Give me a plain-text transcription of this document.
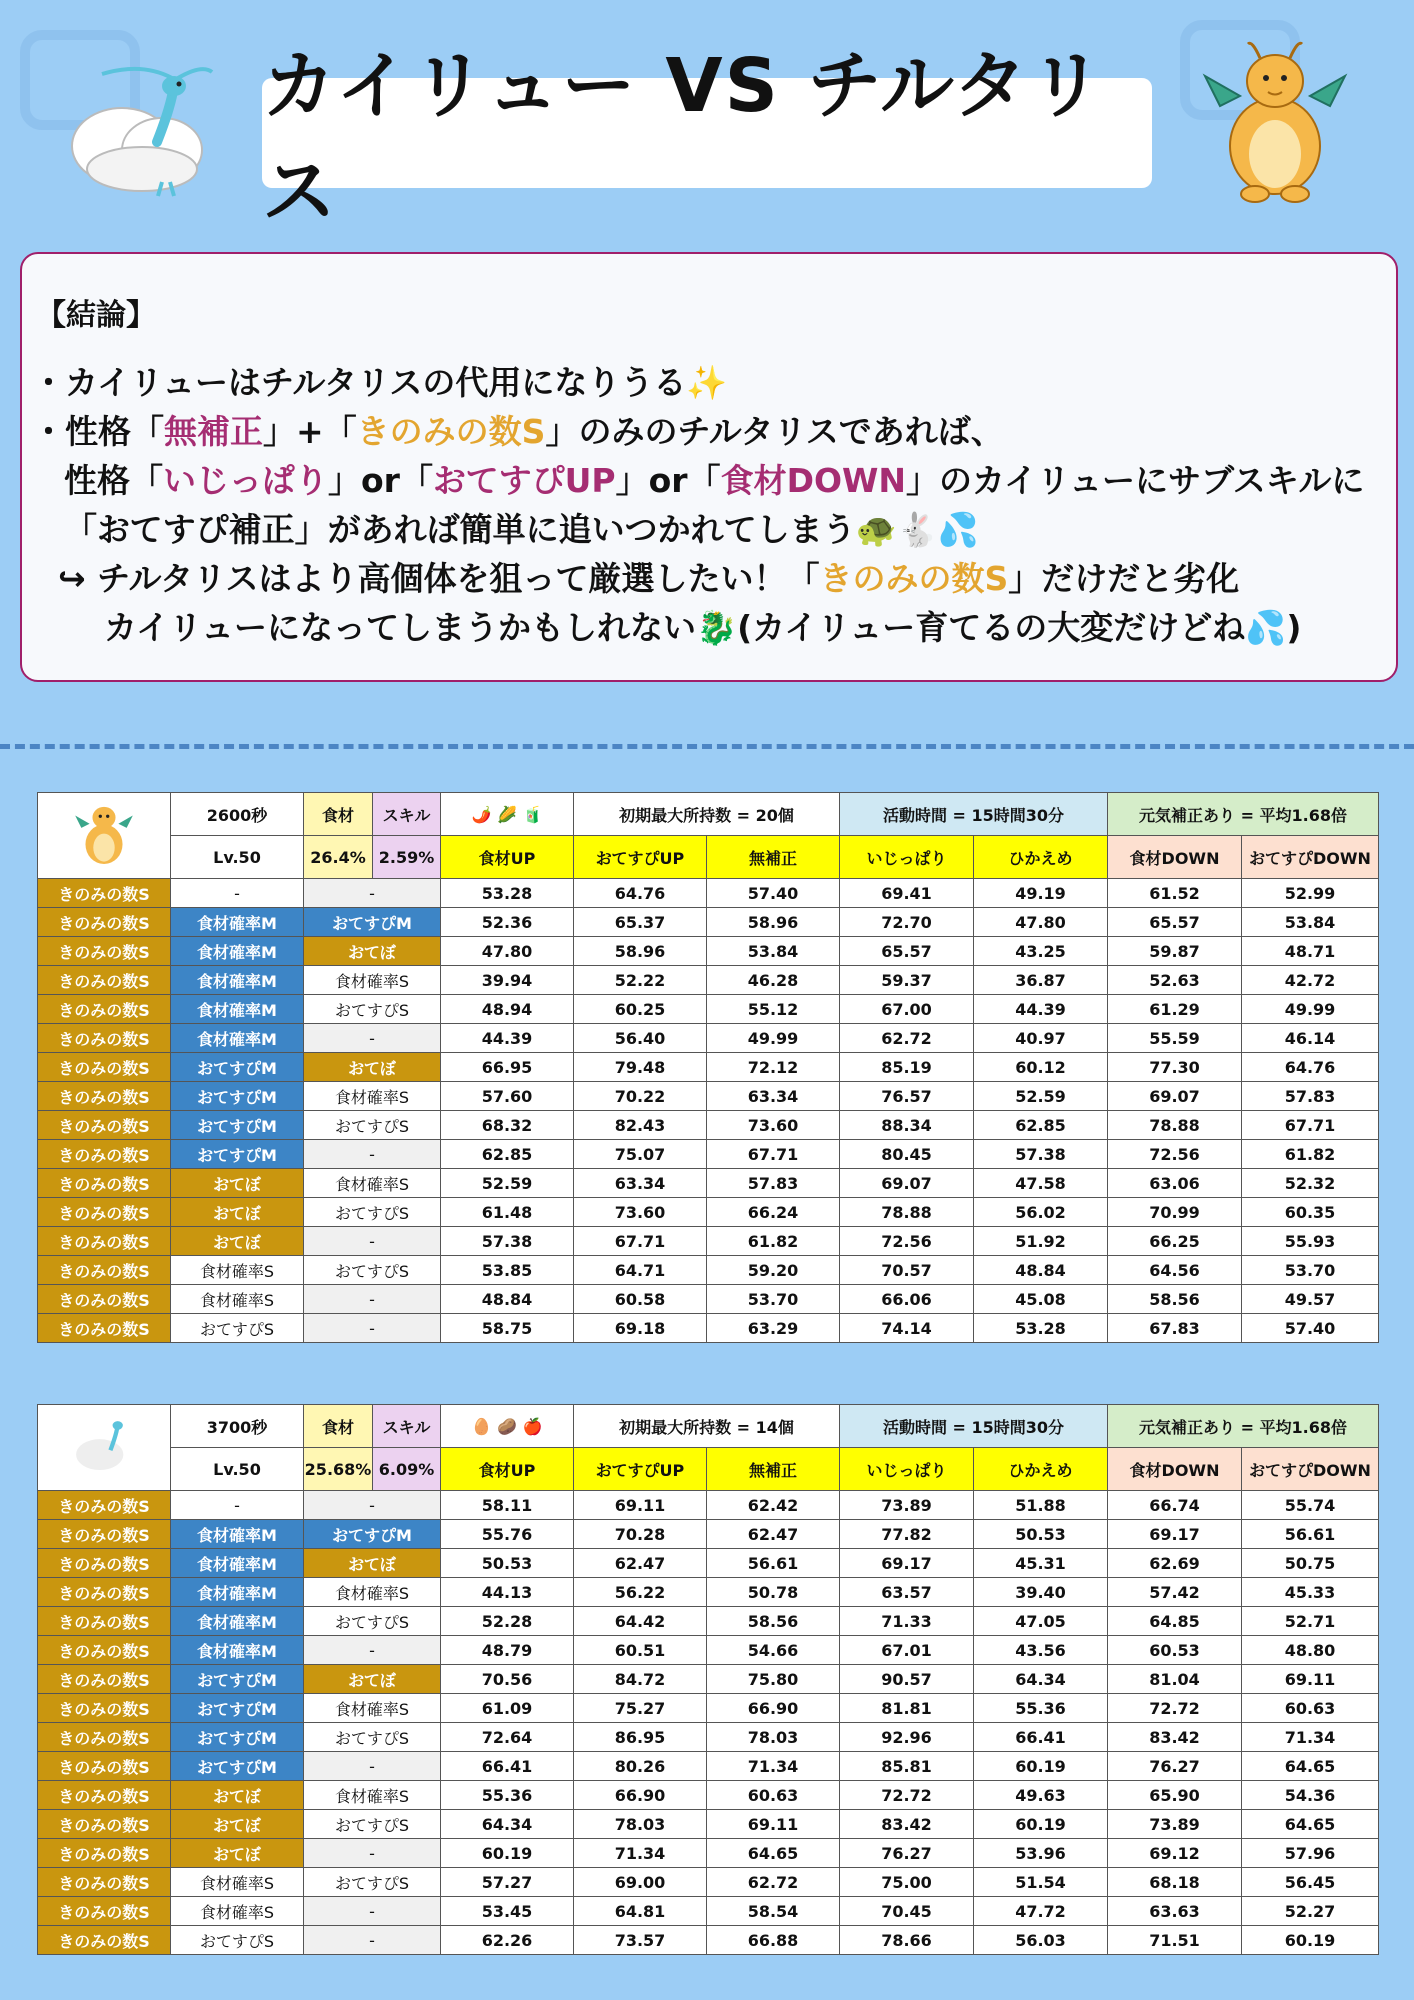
カイリュー VS チルタリス
【結論】
・カイリューはチルタリスの代用になりうる✨
・性格「無補正」+「きのみの数S」のみのチルタリスであれば、
性格「いじっぱり」or「おてすぴUP」or「食材DOWN」のカイリューにサブスキルに
「おてすぴ補正」があれば簡単に追いつかれてしまう🐢🐇💦
↪ チルタリスはより高個体を狙って厳選したい！「きのみの数S」だけだと劣化
カイリューになってしまうかもしれない🐉(カイリュー育てるの大変だけどね💦)
	2600秒	食材	スキル	🌶️ 🌽 🧃	初期最大所持数 = 20個		活動時間 = 15時間30分		元気補正あり = 平均1.68倍	
	Lv.50	26.4%	2.59%	食材UP	おてすぴUP	無補正	いじっぱり	ひかえめ	食材DOWN	おてすぴDOWN
きのみの数S	-	-		53.28	64.76	57.40	69.41	49.19	61.52	52.99
きのみの数S	食材確率M	おてすぴM		52.36	65.37	58.96	72.70	47.80	65.57	53.84
きのみの数S	食材確率M	おてぼ		47.80	58.96	53.84	65.57	43.25	59.87	48.71
きのみの数S	食材確率M	食材確率S		39.94	52.22	46.28	59.37	36.87	52.63	42.72
きのみの数S	食材確率M	おてすぴS		48.94	60.25	55.12	67.00	44.39	61.29	49.99
きのみの数S	食材確率M	-		44.39	56.40	49.99	62.72	40.97	55.59	46.14
きのみの数S	おてすぴM	おてぼ		66.95	79.48	72.12	85.19	60.12	77.30	64.76
きのみの数S	おてすぴM	食材確率S		57.60	70.22	63.34	76.57	52.59	69.07	57.83
きのみの数S	おてすぴM	おてすぴS		68.32	82.43	73.60	88.34	62.85	78.88	67.71
きのみの数S	おてすぴM	-		62.85	75.07	67.71	80.45	57.38	72.56	61.82
きのみの数S	おてぼ	食材確率S		52.59	63.34	57.83	69.07	47.58	63.06	52.32
きのみの数S	おてぼ	おてすぴS		61.48	73.60	66.24	78.88	56.02	70.99	60.35
きのみの数S	おてぼ	-		57.38	67.71	61.82	72.56	51.92	66.25	55.93
きのみの数S	食材確率S	おてすぴS		53.85	64.71	59.20	70.57	48.84	64.56	53.70
きのみの数S	食材確率S	-		48.84	60.58	53.70	66.06	45.08	58.56	49.57
きのみの数S	おてすぴS	-		58.75	69.18	63.29	74.14	53.28	67.83	57.40
	3700秒	食材	スキル	🥚 🥔 🍎	初期最大所持数 = 14個		活動時間 = 15時間30分		元気補正あり = 平均1.68倍	
	Lv.50	25.68%	6.09%	食材UP	おてすぴUP	無補正	いじっぱり	ひかえめ	食材DOWN	おてすぴDOWN
きのみの数S	-	-		58.11	69.11	62.42	73.89	51.88	66.74	55.74
きのみの数S	食材確率M	おてすぴM		55.76	70.28	62.47	77.82	50.53	69.17	56.61
きのみの数S	食材確率M	おてぼ		50.53	62.47	56.61	69.17	45.31	62.69	50.75
きのみの数S	食材確率M	食材確率S		44.13	56.22	50.78	63.57	39.40	57.42	45.33
きのみの数S	食材確率M	おてすぴS		52.28	64.42	58.56	71.33	47.05	64.85	52.71
きのみの数S	食材確率M	-		48.79	60.51	54.66	67.01	43.56	60.53	48.80
きのみの数S	おてすぴM	おてぼ		70.56	84.72	75.80	90.57	64.34	81.04	69.11
きのみの数S	おてすぴM	食材確率S		61.09	75.27	66.90	81.81	55.36	72.72	60.63
きのみの数S	おてすぴM	おてすぴS		72.64	86.95	78.03	92.96	66.41	83.42	71.34
きのみの数S	おてすぴM	-		66.41	80.26	71.34	85.81	60.19	76.27	64.65
きのみの数S	おてぼ	食材確率S		55.36	66.90	60.63	72.72	49.63	65.90	54.36
きのみの数S	おてぼ	おてすぴS		64.34	78.03	69.11	83.42	60.19	73.89	64.65
きのみの数S	おてぼ	-		60.19	71.34	64.65	76.27	53.96	69.12	57.96
きのみの数S	食材確率S	おてすぴS		57.27	69.00	62.72	75.00	51.54	68.18	56.45
きのみの数S	食材確率S	-		53.45	64.81	58.54	70.45	47.72	63.63	52.27
きのみの数S	おてすぴS	-		62.26	73.57	66.88	78.66	56.03	71.51	60.19
